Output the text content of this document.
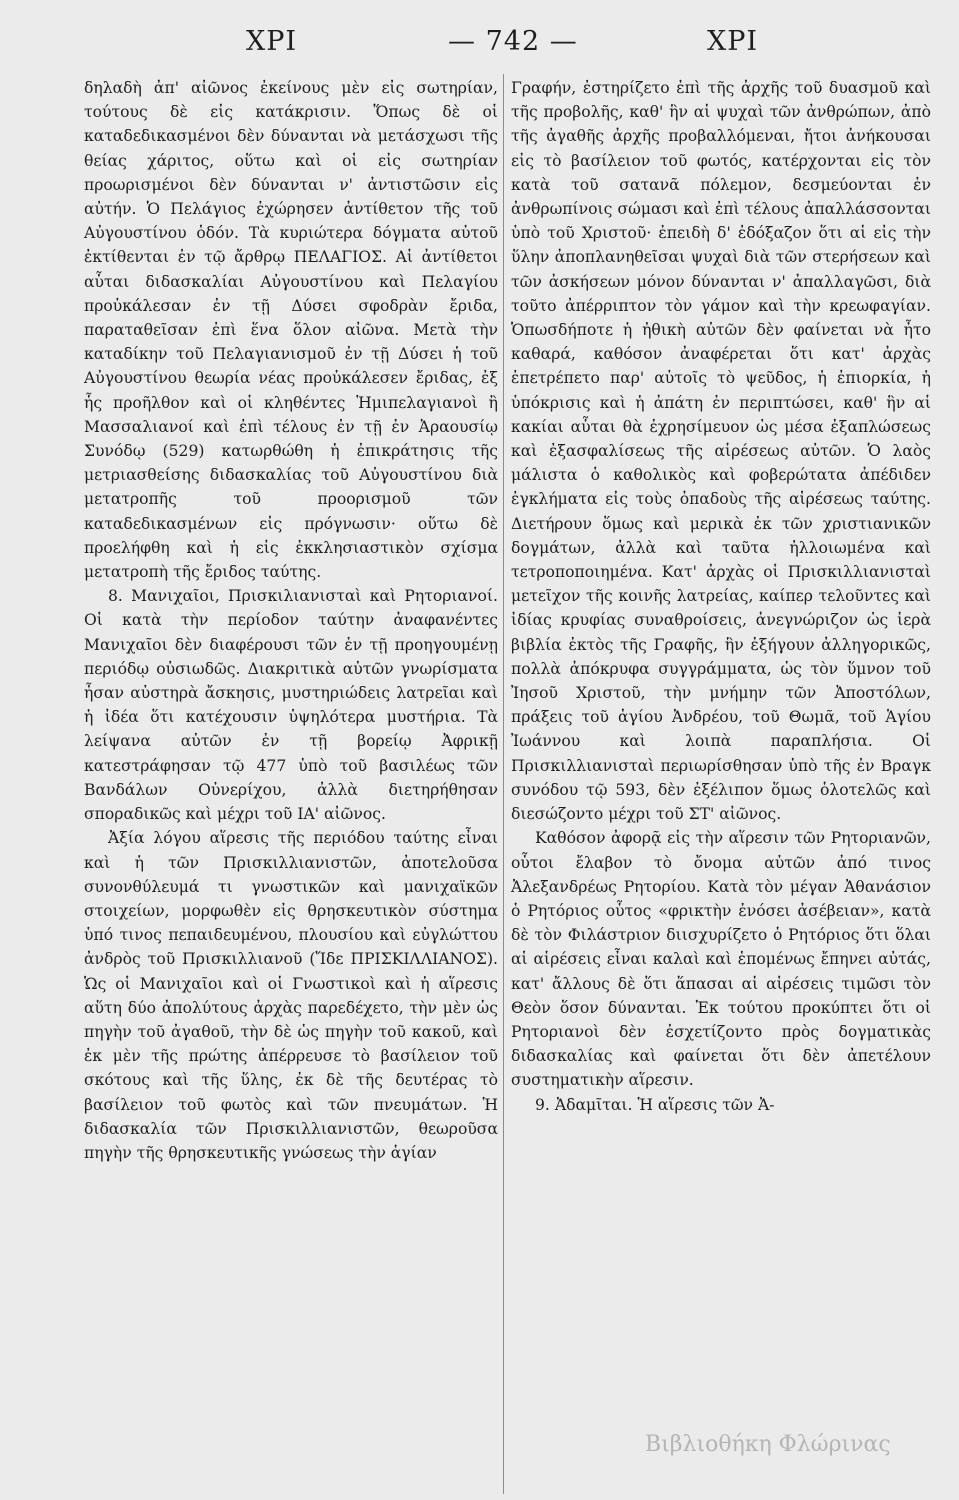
XPI	— 742 —	XPI

δηλαδὴ ἀπ' αἰῶνος ἐκείνους μὲν εἰς σωτηρίαν, τούτους δὲ εἰς κατάκρισιν. Ὅπως δὲ οἱ καταδεδικασμένοι δὲν δύνανται νὰ μετάσχωσι τῆς θείας χάριτος, οὕτω καὶ οἱ εἰς σωτηρίαν προωρισμένοι δὲν δύνανται ν' ἀντιστῶσιν εἰς αὐτήν. Ὁ Πελάγιος ἐχώρησεν ἀντίθετον τῆς τοῦ Αὐγουστίνου ὁδόν. Τὰ κυριώτερα δόγματα αὐτοῦ ἐκτίθενται ἐν τῷ ἄρθρῳ ΠΕΛΑΓΙΟΣ. Αἱ ἀντίθετοι αὗται διδασκαλίαι Αὐγουστίνου καὶ Πελαγίου προὐκάλεσαν ἐν τῇ Δύσει σφοδρὰν ἔριδα, παραταθεῖσαν ἐπὶ ἕνα ὅλον αἰῶνα. Μετὰ τὴν καταδίκην τοῦ Πελαγιανισμοῦ ἐν τῇ Δύσει ἡ τοῦ Αὐγουστίνου θεωρία νέας προὐκάλεσεν ἔριδας, ἐξ ἧς προῆλθον καὶ οἱ κληθέντες Ἡμιπελαγιανοὶ ἢ Μασσαλιανοί καὶ ἐπὶ τέλους ἐν τῇ ἐν Ἀραουσίῳ Συνόδῳ (529) κατωρθώθη ἡ ἐπικράτησις τῆς μετριασθείσης διδασκαλίας τοῦ Αὐγουστίνου διὰ μετατροπῆς τοῦ προορισμοῦ τῶν καταδεδικασμένων εἰς πρόγνωσιν· οὕτω δὲ προελήφθη καὶ ἡ εἰς ἐκκλησιαστικὸν σχίσμα μετατροπὴ τῆς ἔριδος ταύτης.

8. Μανιχαῖοι, Πρισκιλιανισταὶ καὶ Ρητοριανοί. Οἱ κατὰ τὴν περίοδον ταύτην ἀναφανέντες Μανιχαῖοι δὲν διαφέρουσι τῶν ἐν τῇ προηγουμένῃ περιόδῳ οὐσιωδῶς. Διακριτικὰ αὐτῶν γνωρίσματα ἦσαν αὐστηρὰ ἄσκησις, μυστηριώδεις λατρεῖαι καὶ ἡ ἰδέα ὅτι κατέχουσιν ὑψηλότερα μυστήρια. Τὰ λείψανα αὐτῶν ἐν τῇ βορείῳ Ἀφρικῇ κατεστράφησαν τῷ 477 ὑπὸ τοῦ βασιλέως τῶν Βανδάλων Οὐνερίχου, ἀλλὰ διετηρήθησαν σποραδικῶς καὶ μέχρι τοῦ ΙΑ' αἰῶνος.

Ἀξία λόγου αἵρεσις τῆς περιόδου ταύτης εἶναι καὶ ἡ τῶν Πρισκιλλιανιστῶν, ἀποτελοῦσα συνονθύλευμά τι γνωστικῶν καὶ μανιχαϊκῶν στοιχείων, μορφωθὲν εἰς θρησκευτικὸν σύστημα ὑπό τινος πεπαιδευμένου, πλουσίου καὶ εὐγλώττου ἀνδρὸς τοῦ Πρισκιλλιανοῦ (Ἴδε ΠΡΙΣΚΙΛΛΙΑΝΟΣ). Ὡς οἱ Μανιχαῖοι καὶ οἱ Γνωστικοὶ καὶ ἡ αἵρεσις αὕτη δύο ἀπολύτους ἀρχὰς παρεδέχετο, τὴν μὲν ὡς πηγὴν τοῦ ἀγαθοῦ, τὴν δὲ ὡς πηγὴν τοῦ κακοῦ, καὶ ἐκ μὲν τῆς πρώτης ἀπέρρευσε τὸ βασίλειον τοῦ σκότους καὶ τῆς ὕλης, ἐκ δὲ τῆς δευτέρας τὸ βασίλειον τοῦ φωτὸς καὶ τῶν πνευμάτων. Ἡ διδασκαλία τῶν Πρισκιλλιανιστῶν, θεωροῦσα πηγὴν τῆς θρησκευτικῆς γνώσεως τὴν ἁγίαν

Γραφήν, ἐστηρίζετο ἐπὶ τῆς ἀρχῆς τοῦ δυασμοῦ καὶ τῆς προβολῆς, καθ' ἣν αἱ ψυχαὶ τῶν ἀνθρώπων, ἀπὸ τῆς ἀγαθῆς ἀρχῆς προβαλλόμεναι, ἤτοι ἀνήκουσαι εἰς τὸ βασίλειον τοῦ φωτός, κατέρχονται εἰς τὸν κατὰ τοῦ σατανᾶ πόλεμον, δεσμεύονται ἐν ἀνθρωπίνοις σώμασι καὶ ἐπὶ τέλους ἀπαλλάσσονται ὑπὸ τοῦ Χριστοῦ· ἐπειδὴ δ' ἐδόξαζον ὅτι αἱ εἰς τὴν ὕλην ἀποπλανηθεῖσαι ψυχαὶ διὰ τῶν στερήσεων καὶ τῶν ἀσκήσεων μόνον δύνανται ν' ἀπαλλαγῶσι, διὰ τοῦτο ἀπέρριπτον τὸν γάμον καὶ τὴν κρεωφαγίαν. Ὁπωσδήποτε ἡ ἠθικὴ αὐτῶν δὲν φαίνεται νὰ ἦτο καθαρά, καθόσον ἀναφέρεται ὅτι κατ' ἀρχὰς ἐπετρέπετο παρ' αὐτοῖς τὸ ψεῦδος, ἡ ἐπιορκία, ἡ ὑπόκρισις καὶ ἡ ἀπάτη ἐν περιπτώσει, καθ' ἣν αἱ κακίαι αὗται θὰ ἐχρησίμευον ὡς μέσα ἐξαπλώσεως καὶ ἐξασφαλίσεως τῆς αἱρέσεως αὐτῶν. Ὁ λαὸς μάλιστα ὁ καθολικὸς καὶ φοβερώτατα ἀπέδιδεν ἐγκλήματα εἰς τοὺς ὀπαδοὺς τῆς αἱρέσεως ταύτης. Διετήρουν ὅμως καὶ μερικὰ ἐκ τῶν χριστιανικῶν δογμάτων, ἀλλὰ καὶ ταῦτα ἠλλοιωμένα καὶ τετροποποιημένα. Κατ' ἀρχὰς οἱ Πρισκιλλιανισταὶ μετεῖχον τῆς κοινῆς λατρείας, καίπερ τελοῦντες καὶ ἰδίας κρυφίας συναθροίσεις, ἀνεγνώριζον ὡς ἱερὰ βιβλία ἐκτὸς τῆς Γραφῆς, ἣν ἐξήγουν ἀλληγορικῶς, πολλὰ ἀπόκρυφα συγγράμματα, ὡς τὸν ὕμνον τοῦ Ἰησοῦ Χριστοῦ, τὴν μνήμην τῶν Ἀποστόλων, πράξεις τοῦ ἁγίου Ἀνδρέου, τοῦ Θωμᾶ, τοῦ Ἁγίου Ἰωάννου καὶ λοιπὰ παραπλήσια. Οἱ Πρισκιλλιανισταὶ περιωρίσθησαν ὑπὸ τῆς ἐν Βραγκ συνόδου τῷ 593, δὲν ἐξέλιπον ὅμως ὁλοτελῶς καὶ διεσώζοντο μέχρι τοῦ ΣΤ' αἰῶνος.

Καθόσον ἀφορᾷ εἰς τὴν αἵρεσιν τῶν Ρητοριανῶν, οὗτοι ἔλαβον τὸ ὄνομα αὐτῶν ἀπό τινος Ἀλεξανδρέως Ρητορίου. Κατὰ τὸν μέγαν Ἀθανάσιον ὁ Ρητόριος οὗτος «φρικτὴν ἐνόσει ἀσέβειαν», κατὰ δὲ τὸν Φιλάστριον διισχυρίζετο ὁ Ρητόριος ὅτι ὅλαι αἱ αἱρέσεις εἶναι καλαὶ καὶ ἑπομένως ἔπηνει αὐτάς, κατ' ἄλλους δὲ ὅτι ἅπασαι αἱ αἱρέσεις τιμῶσι τὸν Θεὸν ὅσον δύνανται. Ἐκ τούτου προκύπτει ὅτι οἱ Ρητοριανοὶ δὲν ἐσχετίζοντο πρὸς δογματικὰς διδασκαλίας καὶ φαίνεται ὅτι δὲν ἀπετέλουν συστηματικὴν αἵρεσιν.

9. Ἀδαμῖται. Ἡ αἵρεσις τῶν Ἀ-

Βιβλιοθήκη Φλώρινας
